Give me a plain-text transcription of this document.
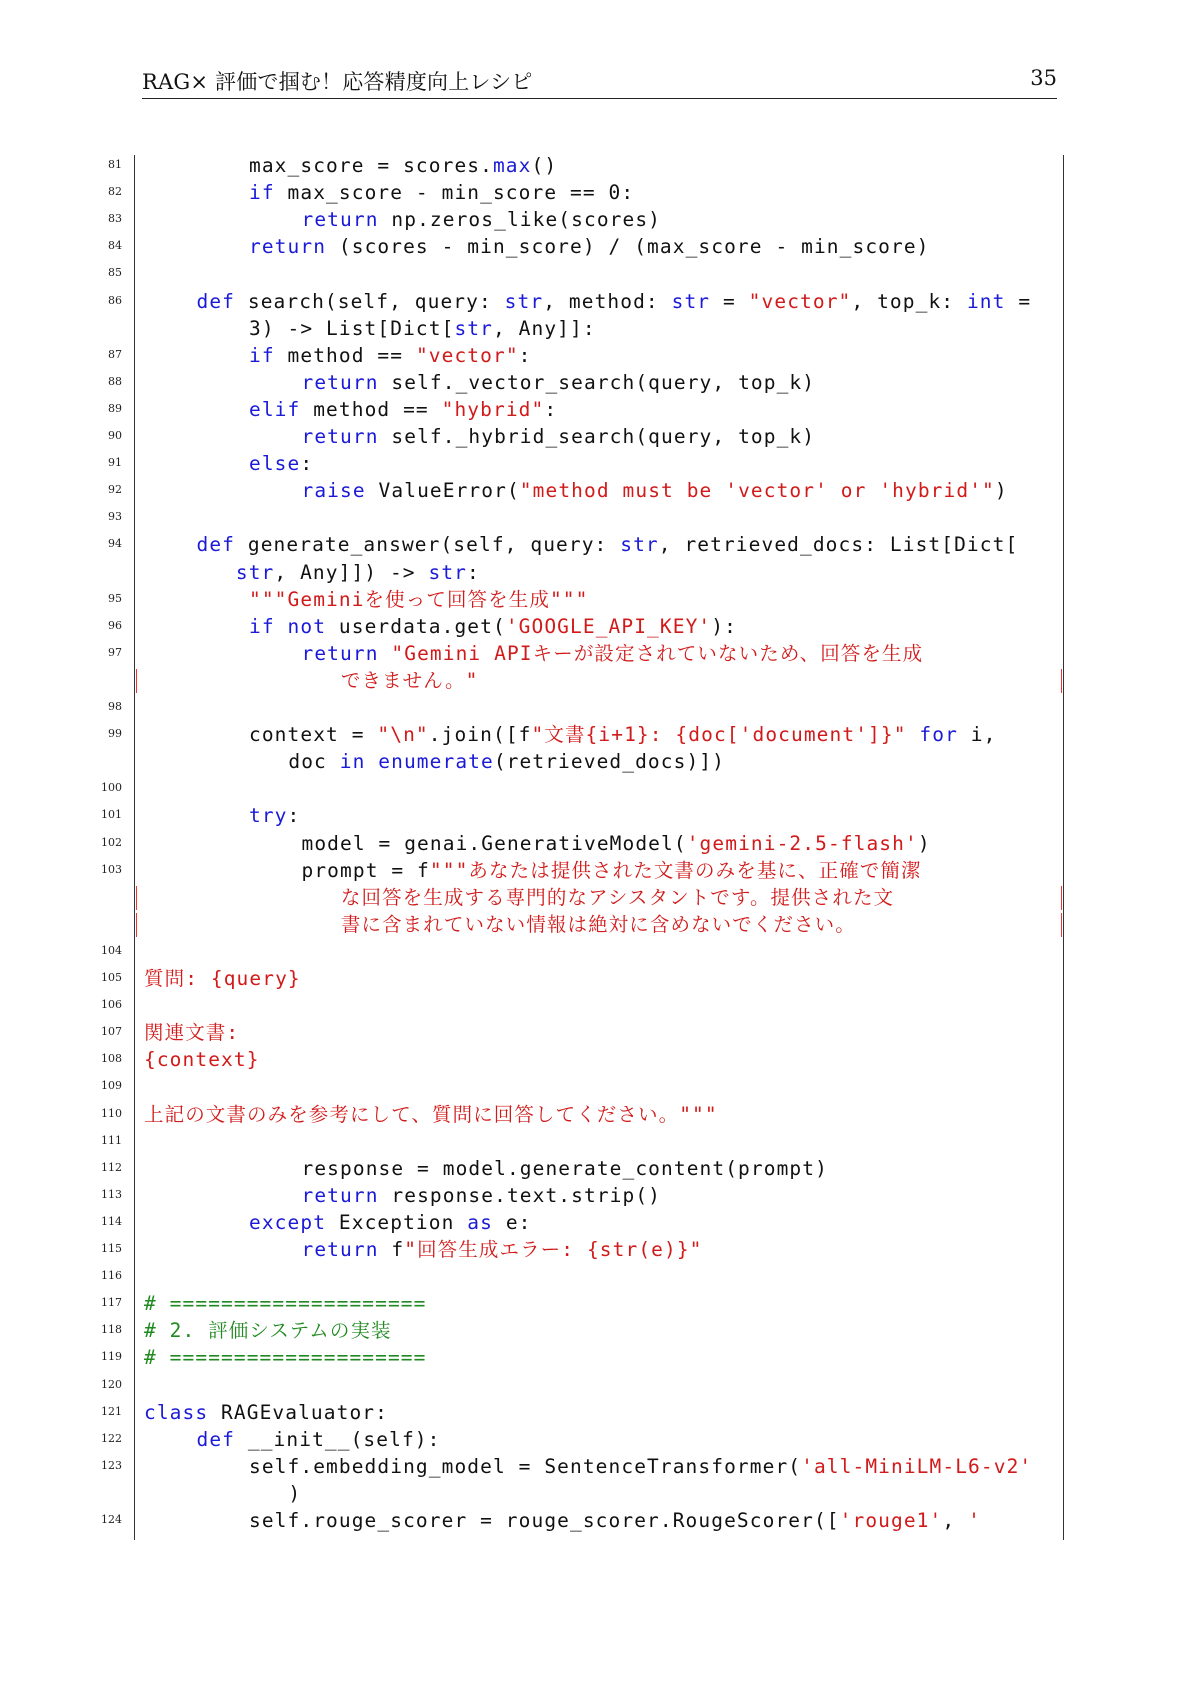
RAG× 評価で掴む！応答精度向上レシピ	35
81	max_score = scores.max()
82	if max_score - min_score == 0:
83	return np.zeros_like(scores)
84	return (scores - min_score) / (max_score - min_score)
85
86	def search(self, query: str, method: str = "vector", top_k: int =
3) -> List[Dict[str, Any]]:
87	if method == "vector":
88	return self._vector_search(query, top_k)
89	elif method == "hybrid":
90	return self._hybrid_search(query, top_k)
91	else:
92	raise ValueError("method must be 'vector' or 'hybrid'")
93
94	def generate_answer(self, query: str, retrieved_docs: List[Dict[
str, Any]]) -> str:
95	"""Geminiを使って回答を生成"""
96	if not userdata.get('GOOGLE_API_KEY'):
97	return "Gemini APIキーが設定されていないため、回答を生成
できません。"
98
99	context = "\n".join([f"文書{i+1}: {doc['document']}" for i,
doc in enumerate(retrieved_docs)])
100
101	try:
102	model = genai.GenerativeModel('gemini-2.5-flash')
103	prompt = f"""あなたは提供された文書のみを基に、正確で簡潔
な回答を生成する専門的なアシスタントです。提供された文
書に含まれていない情報は絶対に含めないでください。
104
105 質問: {query}
106
107 関連文書:
108 {context}
109
110 上記の文書のみを参考にして、質問に回答してください。"""
111
112	response = model.generate_content(prompt)
113	return response.text.strip()
114	except Exception as e:
115	return f"回答生成エラー: {str(e)}"
116
117 # ====================
118 # 2. 評価システムの実装
119 # ====================
120
121 class RAGEvaluator:
122	def __init__(self):
123	self.embedding_model = SentenceTransformer('all-MiniLM-L6-v2'
)
124	self.rouge_scorer = rouge_scorer.RougeScorer(['rouge1', '
